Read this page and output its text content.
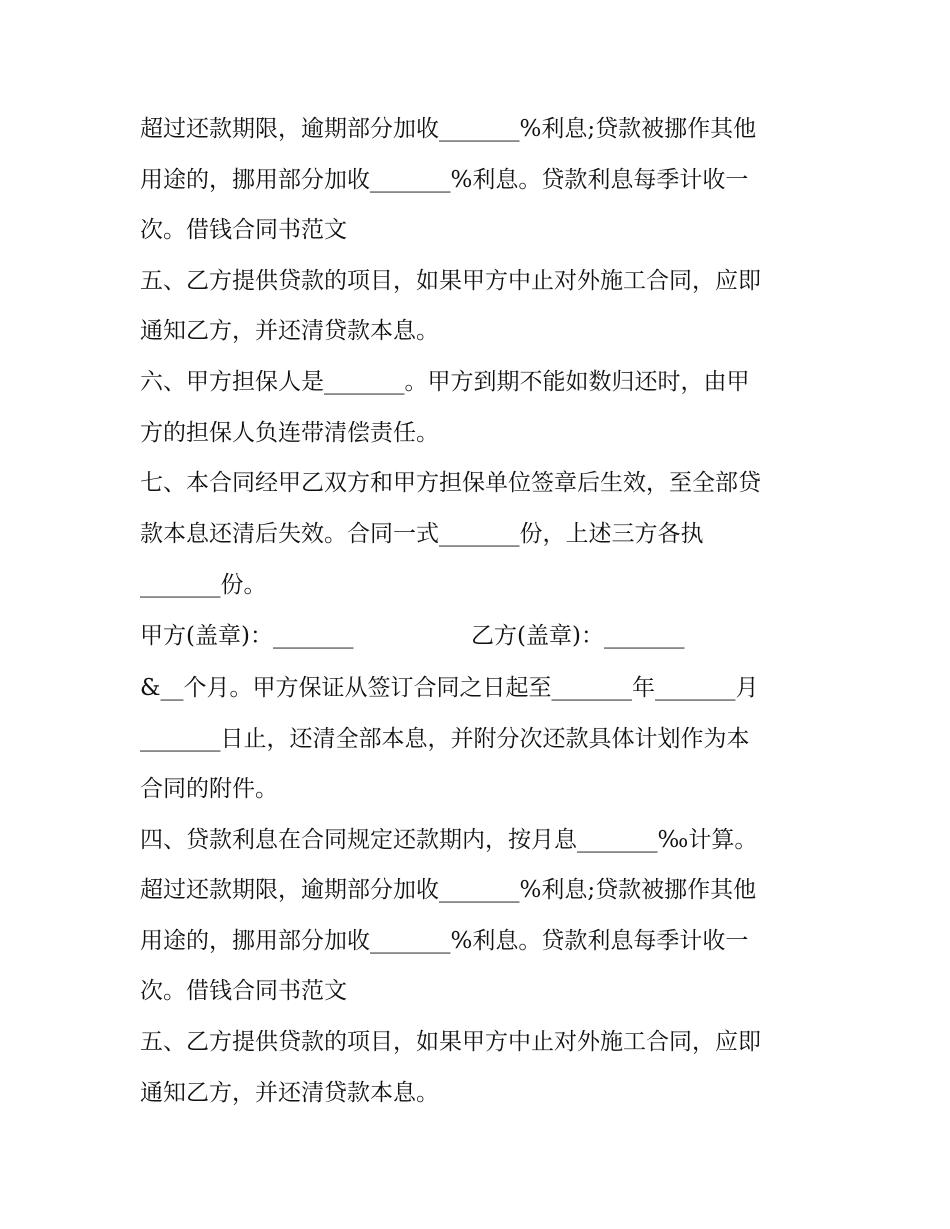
超过还款期限，逾期部分加收_______%利息;贷款被挪作其他
用途的，挪用部分加收_______%利息。贷款利息每季计收一
次。借钱合同书范文
五、乙方提供贷款的项目，如果甲方中止对外施工合同，应即
通知乙方，并还清贷款本息。
六、甲方担保人是_______。甲方到期不能如数归还时，由甲
方的担保人负连带清偿责任。
七、本合同经甲乙双方和甲方担保单位签章后生效，至全部贷
款本息还清后失效。合同一式_______份，上述三方各执
_______份。
甲方(盖章)：_______	乙方(盖章)：_______
&__个月。甲方保证从签订合同之日起至_______年_______月
_______日止，还清全部本息，并附分次还款具体计划作为本
合同的附件。
四、贷款利息在合同规定还款期内，按月息_______‰计算。
超过还款期限，逾期部分加收_______%利息;贷款被挪作其他
用途的，挪用部分加收_______%利息。贷款利息每季计收一
次。借钱合同书范文
五、乙方提供贷款的项目，如果甲方中止对外施工合同，应即
通知乙方，并还清贷款本息。
